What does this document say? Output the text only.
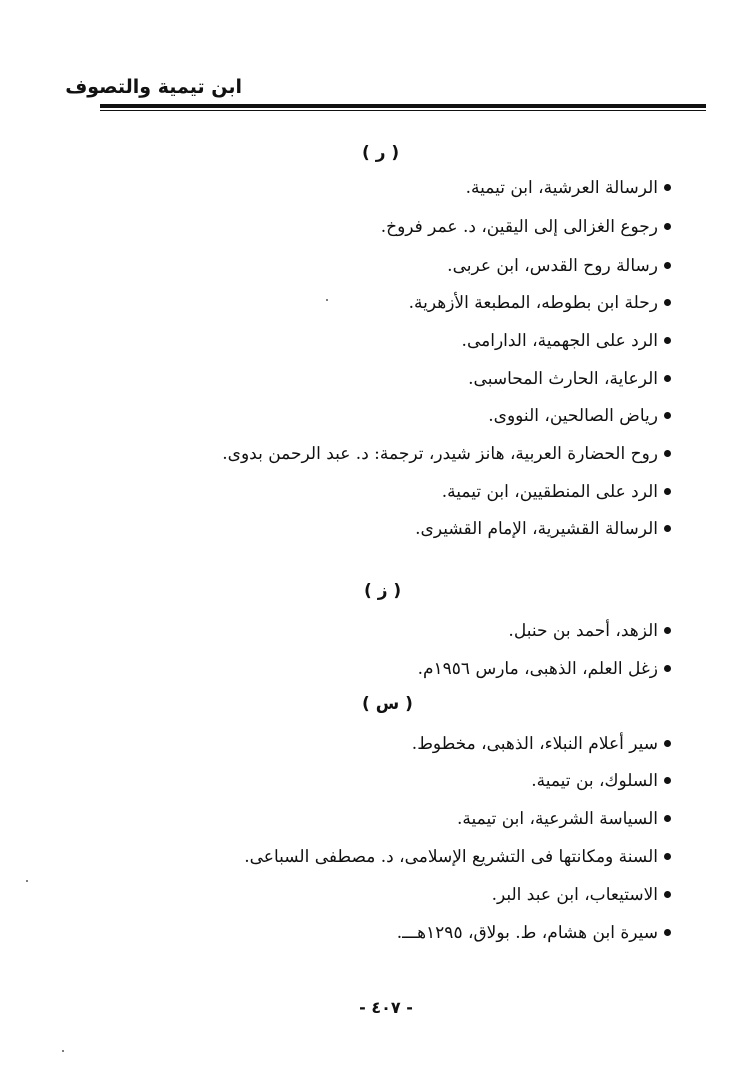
ابن تيمية والتصوف
( ر )
الرسالة العرشية، ابن تيمية.
رجوع الغزالى إلى اليقين، د. عمر فروخ.
رسالة روح القدس، ابن عربى.
رحلة ابن بطوطه، المطبعة الأزهرية.
الرد على الجهمية، الدارامى.
الرعاية، الحارث المحاسبى.
رياض الصالحين، النووى.
روح الحضارة العربية، هانز شيدر، ترجمة: د. عبد الرحمن بدوى.
الرد على المنطقيين، ابن تيمية.
الرسالة القشيرية، الإمام القشيرى.
( ز )
الزهد، أحمد بن حنبل.
زغل العلم، الذهبى، مارس ١٩٥٦م.
( س )
سير أعلام النبلاء، الذهبى، مخطوط.
السلوك، بن تيمية.
السياسة الشرعية، ابن تيمية.
السنة ومكانتها فى التشريع الإسلامى، د. مصطفى السباعى.
الاستيعاب، ابن عبد البر.
سيرة ابن هشام، ط. بولاق، ١٢٩٥هـــ.
- ٤٠٧ -
